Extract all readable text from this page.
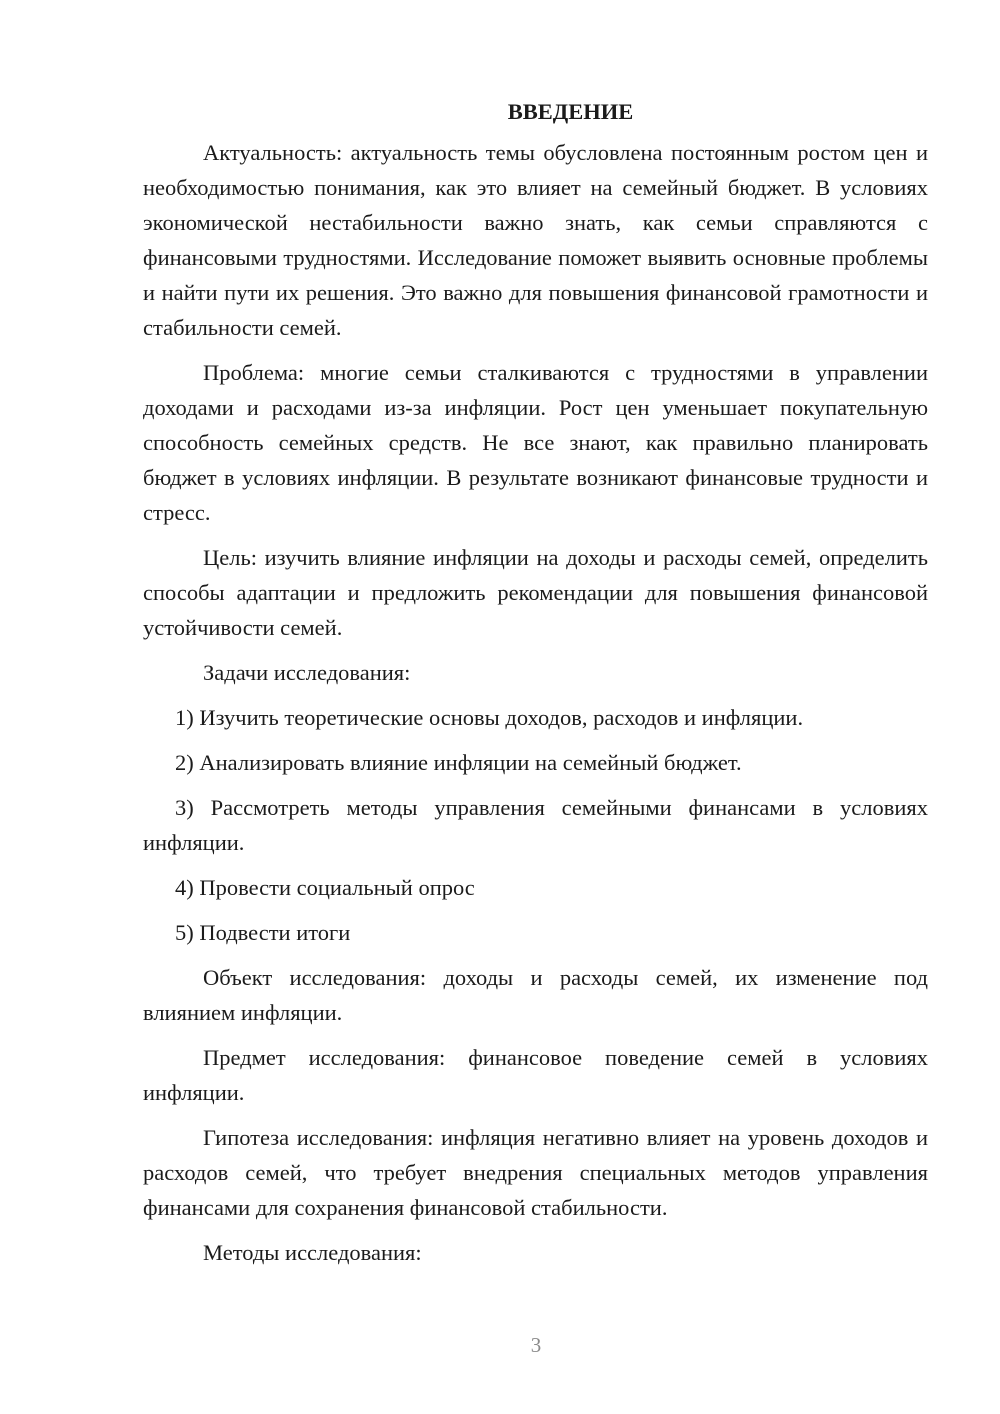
ВВЕДЕНИЕ

Актуальность: актуальность темы обусловлена постоянным ростом цен и необходимостью понимания, как это влияет на семейный бюджет. В условиях экономической нестабильности важно знать, как семьи справляются с финансовыми трудностями. Исследование поможет выявить основные проблемы и найти пути их решения. Это важно для повышения финансовой грамотности и стабильности семей.

Проблема: многие семьи сталкиваются с трудностями в управлении доходами и расходами из-за инфляции. Рост цен уменьшает покупательную способность семейных средств. Не все знают, как правильно планировать бюджет в условиях инфляции. В результате возникают финансовые трудности и стресс.

Цель: изучить влияние инфляции на доходы и расходы семей, определить способы адаптации и предложить рекомендации для повышения финансовой устойчивости семей.

Задачи исследования:

1) Изучить теоретические основы доходов, расходов и инфляции.

2) Анализировать влияние инфляции на семейный бюджет.

3) Рассмотреть методы управления семейными финансами в условиях инфляции.

4) Провести социальный опрос

5) Подвести итоги

Объект исследования: доходы и расходы семей, их изменение под влиянием инфляции.

Предмет исследования: финансовое поведение семей в условиях инфляции.

Гипотеза исследования: инфляция негативно влияет на уровень доходов и расходов семей, что требует внедрения специальных методов управления финансами для сохранения финансовой стабильности.

Методы исследования:

3
